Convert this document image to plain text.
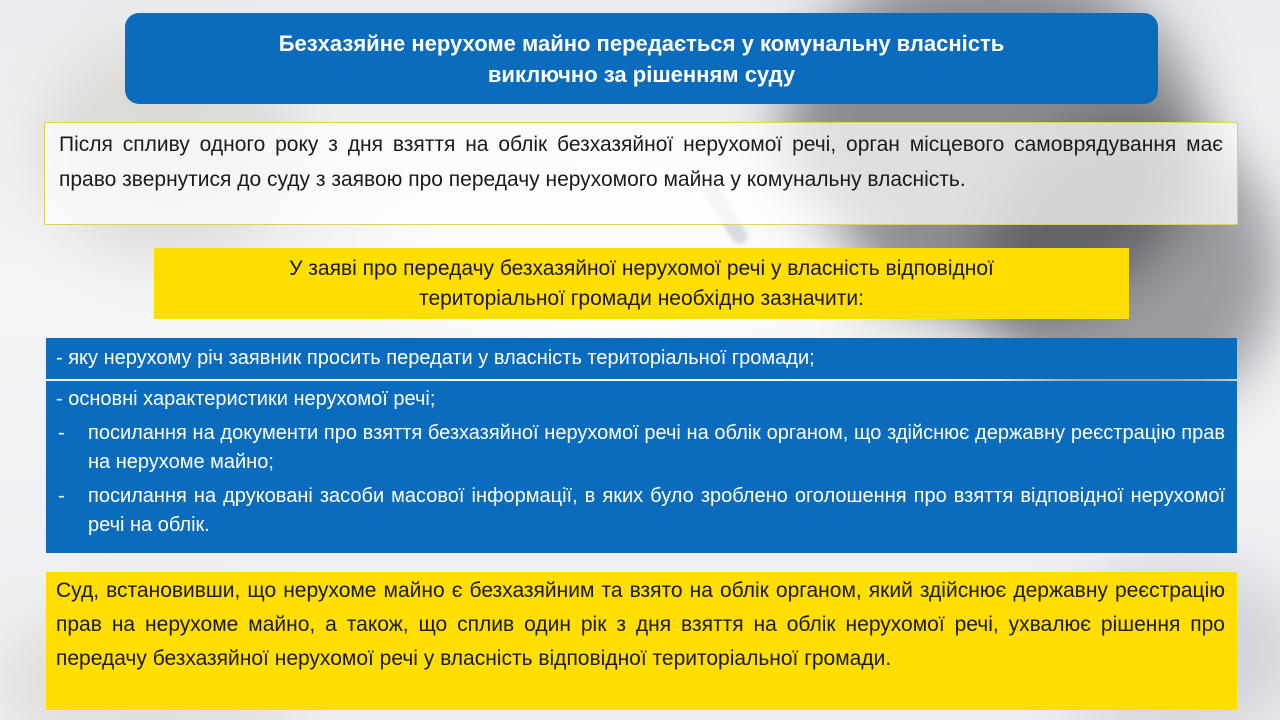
Безхазяйне нерухоме майно передається у комунальну власність
виключно за рішенням суду
Після спливу одного року з дня взяття на облік безхазяйної нерухомої речі, орган місцевого самоврядування має право звернутися до суду з заявою про передачу нерухомого майна у комунальну власність.
У заяві про передачу безхазяйної нерухомої речі у власність відповідної
територіальної громади необхідно зазначити:
- яку нерухому річ заявник просить передати у власність територіальної громади;
- основні характеристики нерухомої речі;
- посилання на документи про взяття безхазяйної нерухомої речі на облік органом, що здійснює державну реєстрацію прав на нерухоме майно;
- посилання на друковані засоби масової інформації, в яких було зроблено оголошення про взяття відповідної нерухомої речі на облік.
Суд, встановивши, що нерухоме майно є безхазяйним та взято на облік органом, який здійснює державну реєстрацію прав на нерухоме майно, а також, що сплив один рік з дня взяття на облік нерухомої речі, ухвалює рішення про передачу безхазяйної нерухомої речі у власність відповідної територіальної громади.
